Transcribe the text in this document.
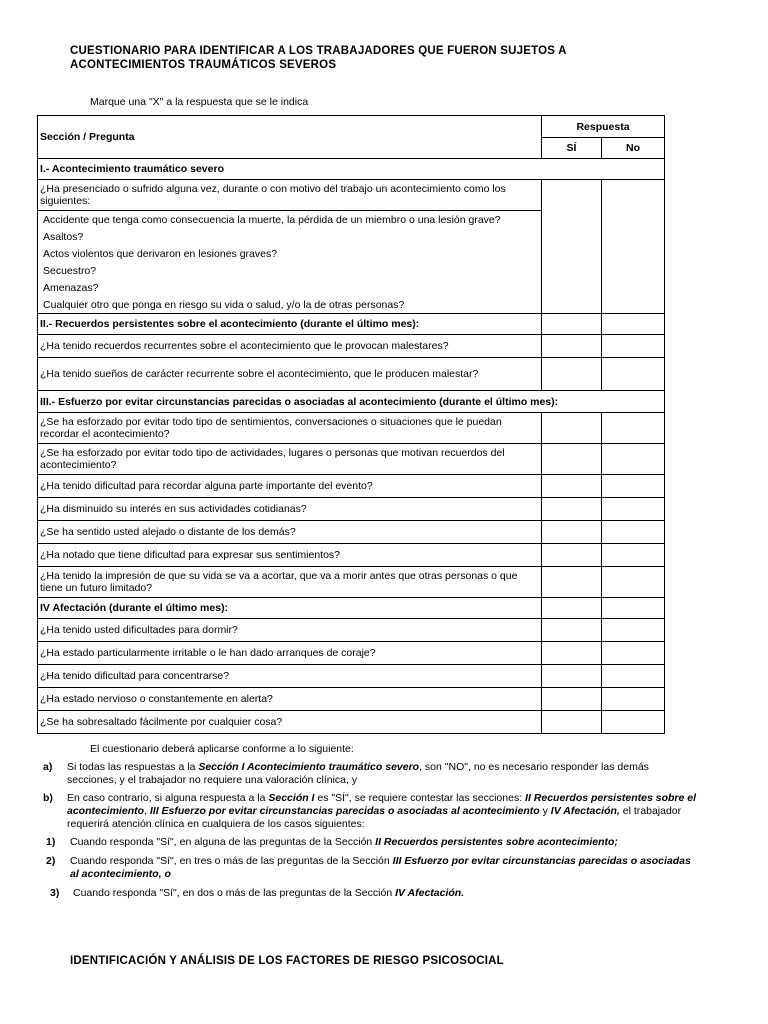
CUESTIONARIO PARA IDENTIFICAR A LOS TRABAJADORES QUE FUERON SUJETOS A
ACONTECIMIENTOS TRAUMÁTICOS SEVEROS
Marque una "X" a la respuesta que se le indica
Sección / Pregunta	Respuesta	
	SÍ	No
I.- Acontecimiento traumático severo		
¿Ha presenciado o sufrido alguna vez, durante o con motivo del trabajo un acontecimiento como los siguientes:		
Accidente que tenga como consecuencia la muerte, la pérdida de un miembro o una lesión grave?		
Asaltos?		
Actos violentos que derivaron en lesiones graves?		
Secuestro?		
Amenazas?		
Cualquier otro que ponga en riesgo su vida o salud, y/o la de otras personas?		
II.- Recuerdos persistentes sobre el acontecimiento (durante el último mes):		
¿Ha tenido recuerdos recurrentes sobre el acontecimiento que le provocan malestares?		
¿Ha tenido sueños de carácter recurrente sobre el acontecimiento, que le producen malestar?		
III.- Esfuerzo por evitar circunstancias parecidas o asociadas al acontecimiento (durante el último mes):		
¿Se ha esforzado por evitar todo tipo de sentimientos, conversaciones o situaciones que le puedan recordar el acontecimiento?		
¿Se ha esforzado por evitar todo tipo de actividades, lugares o personas que motivan recuerdos del acontecimiento?		
¿Ha tenido dificultad para recordar alguna parte importante del evento?		
¿Ha disminuido su interés en sus actividades cotidianas?		
¿Se ha sentido usted alejado o distante de los demás?		
¿Ha notado que tiene dificultad para expresar sus sentimientos?		
¿Ha tenido la impresión de que su vida se va a acortar, que va a morir antes que otras personas o que tiene un futuro limitado?		
IV Afectación (durante el último mes):		
¿Ha tenido usted dificultades para dormir?		
¿Ha estado particularmente irritable o le han dado arranques de coraje?		
¿Ha tenido dificultad para concentrarse?		
¿Ha estado nervioso o constantemente en alerta?		
¿Se ha sobresaltado fácilmente por cualquier cosa?		
El cuestionario deberá aplicarse conforme a lo siguiente:
a) Si todas las respuestas a la Sección I Acontecimiento traumático severo, son "NO", no es necesario responder las demás secciones, y el trabajador no requiere una valoración clínica, y
b) En caso contrario, si alguna respuesta a la Sección I es "SÍ", se requiere contestar las secciones: II Recuerdos persistentes sobre el acontecimiento, III Esfuerzo por evitar circunstancias parecidas o asociadas al acontecimiento y IV Afectación, el trabajador requerirá atención clínica en cualquiera de los casos siguientes:
1) Cuando responda "Sí", en alguna de las preguntas de la Sección II Recuerdos persistentes sobre acontecimiento;
2) Cuando responda "Sí", en tres o más de las preguntas de la Sección III Esfuerzo por evitar circunstancias parecidas o asociadas al acontecimiento, o
3) Cuando responda "Sí", en dos o más de las preguntas de la Sección IV Afectación.
IDENTIFICACIÓN Y ANÁLISIS DE LOS FACTORES DE RIESGO PSICOSOCIAL
